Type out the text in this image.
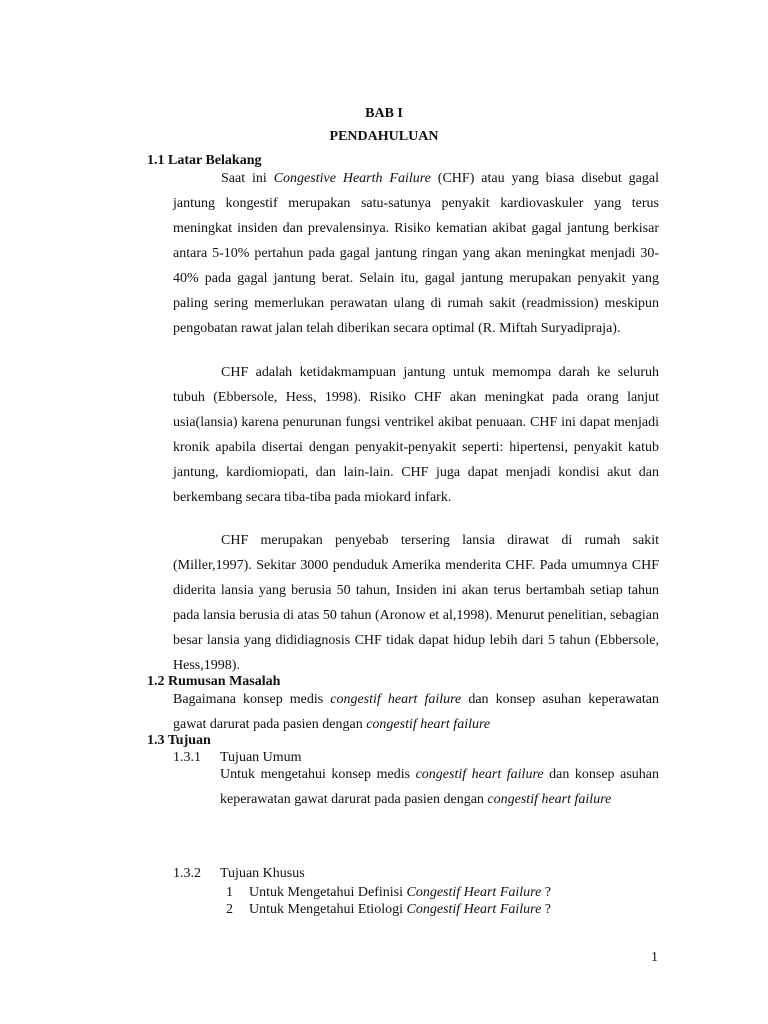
BAB I
PENDAHULUAN
1.1 Latar Belakang

Saat ini Congestive Hearth Failure (CHF) atau yang biasa disebut gagal jantung kongestif merupakan satu-satunya penyakit kardiovaskuler yang terus meningkat insiden dan prevalensinya. Risiko kematian akibat gagal jantung berkisar antara 5-10% pertahun pada gagal jantung ringan yang akan meningkat menjadi 30-40% pada gagal jantung berat. Selain itu, gagal jantung merupakan penyakit yang paling sering memerlukan perawatan ulang di rumah sakit (readmission) meskipun pengobatan rawat jalan telah diberikan secara optimal (R. Miftah Suryadipraja).

CHF adalah ketidakmampuan jantung untuk memompa darah ke seluruh tubuh (Ebbersole, Hess, 1998). Risiko CHF akan meningkat pada orang lanjut usia(lansia) karena penurunan fungsi ventrikel akibat penuaan. CHF ini dapat menjadi kronik apabila disertai dengan penyakit-penyakit seperti: hipertensi, penyakit katub jantung, kardiomiopati, dan lain-lain. CHF juga dapat menjadi kondisi akut dan berkembang secara tiba-tiba pada miokard infark.

CHF merupakan penyebab tersering lansia dirawat di rumah sakit (Miller,1997). Sekitar 3000 penduduk Amerika menderita CHF. Pada umumnya CHF diderita lansia yang berusia 50 tahun, Insiden ini akan terus bertambah setiap tahun pada lansia berusia di atas 50 tahun (Aronow et al,1998). Menurut penelitian, sebagian besar lansia yang dididiagnosis CHF tidak dapat hidup lebih dari 5 tahun (Ebbersole, Hess,1998).

1.2 Rumusan Masalah

Bagaimana konsep medis congestif heart failure dan konsep asuhan keperawatan gawat darurat pada pasien dengan congestif heart failure

1.3 Tujuan
1.3.1 Tujuan Umum

Untuk mengetahui konsep medis congestif heart failure dan konsep asuhan keperawatan gawat darurat pada pasien dengan congestif heart failure

1.3.2 Tujuan Khusus
1 Untuk Mengetahui Definisi Congestif Heart Failure ?
2 Untuk Mengetahui Etiologi Congestif Heart Failure ?
1
